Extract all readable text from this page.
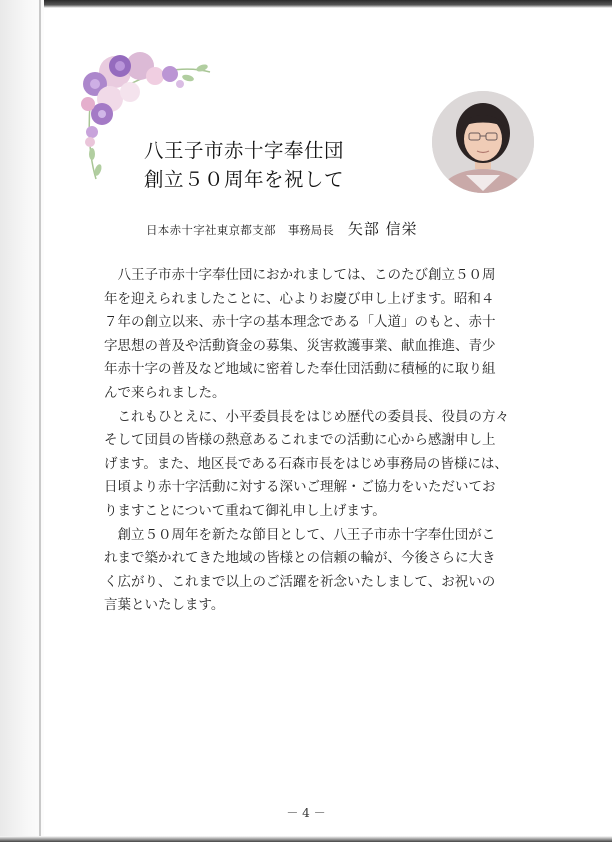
八王子市赤十字奉仕団
創立５０周年を祝して
日本赤十字社東京都支部 事務局長 矢部 信栄
　八王子市赤十字奉仕団におかれましては、このたび創立５０周
年を迎えられましたことに、心よりお慶び申し上げます。昭和４
７年の創立以来、赤十字の基本理念である「人道」のもと、赤十
字思想の普及や活動資金の募集、災害救護事業、献血推進、青少
年赤十字の普及など地域に密着した奉仕団活動に積極的に取り組
んで来られました。
　これもひとえに、小平委員長をはじめ歴代の委員長、役員の方々
そして団員の皆様の熱意あるこれまでの活動に心から感謝申し上
げます。また、地区長である石森市長をはじめ事務局の皆様には、
日頃より赤十字活動に対する深いご理解・ご協力をいただいてお
りますことについて重ねて御礼申し上げます。
　創立５０周年を新たな節目として、八王子市赤十字奉仕団がこ
れまで築かれてきた地域の皆様との信頼の輪が、今後さらに大き
く広がり、これまで以上のご活躍を祈念いたしまして、お祝いの
言葉といたします。
－ 4 －
